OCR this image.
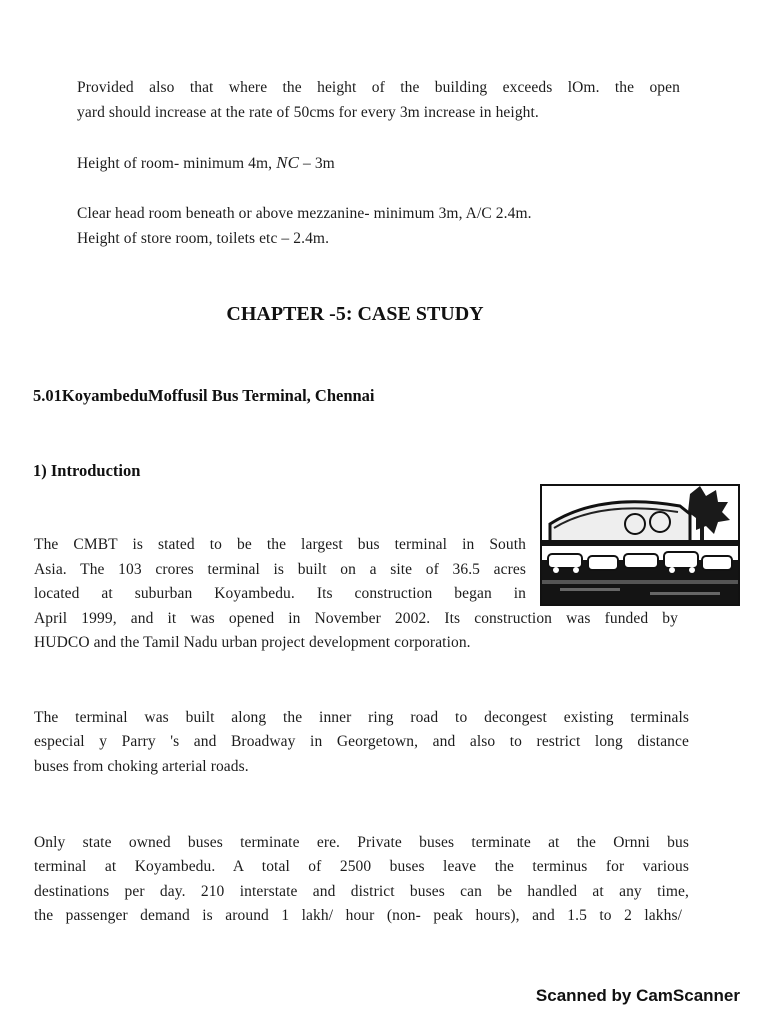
Provided also that where the height of the building exceeds lOm. the open

yard should increase at the rate of 50cms for every 3m increase in height.

Height of room- minimum 4m, NC – 3m

Clear head room beneath or above mezzanine- minimum 3m, A/C 2.4m.

Height of store room, toilets etc – 2.4m.

CHAPTER -5: CASE STUDY
5.01KoyambeduMoffusil Bus Terminal, Chennai
1) Introduction

The CMBT is stated to be the largest bus terminal in South

Asia. The 103 crores terminal is built on a site of 36.5 acres

located at suburban Koyambedu. Its construction began in

April 1999, and it was opened in November 2002. Its construction was funded by

HUDCO and the Tamil Nadu urban project development corporation.

The terminal was built along the inner ring road to decongest existing terminals

especial y Parry 's and Broadway in Georgetown, and also to restrict long distance

buses from choking arterial roads.

Only state owned buses terminate ere. Private buses terminate at the Ornni bus

terminal at Koyambedu. A total of 2500 buses leave the terminus for various

destinations per day. 210 interstate and district buses can be handled at any time,

the passenger demand is around 1 lakh/ hour (non- peak hours), and 1.5 to 2 lakhs/

Scanned by CamScanner
